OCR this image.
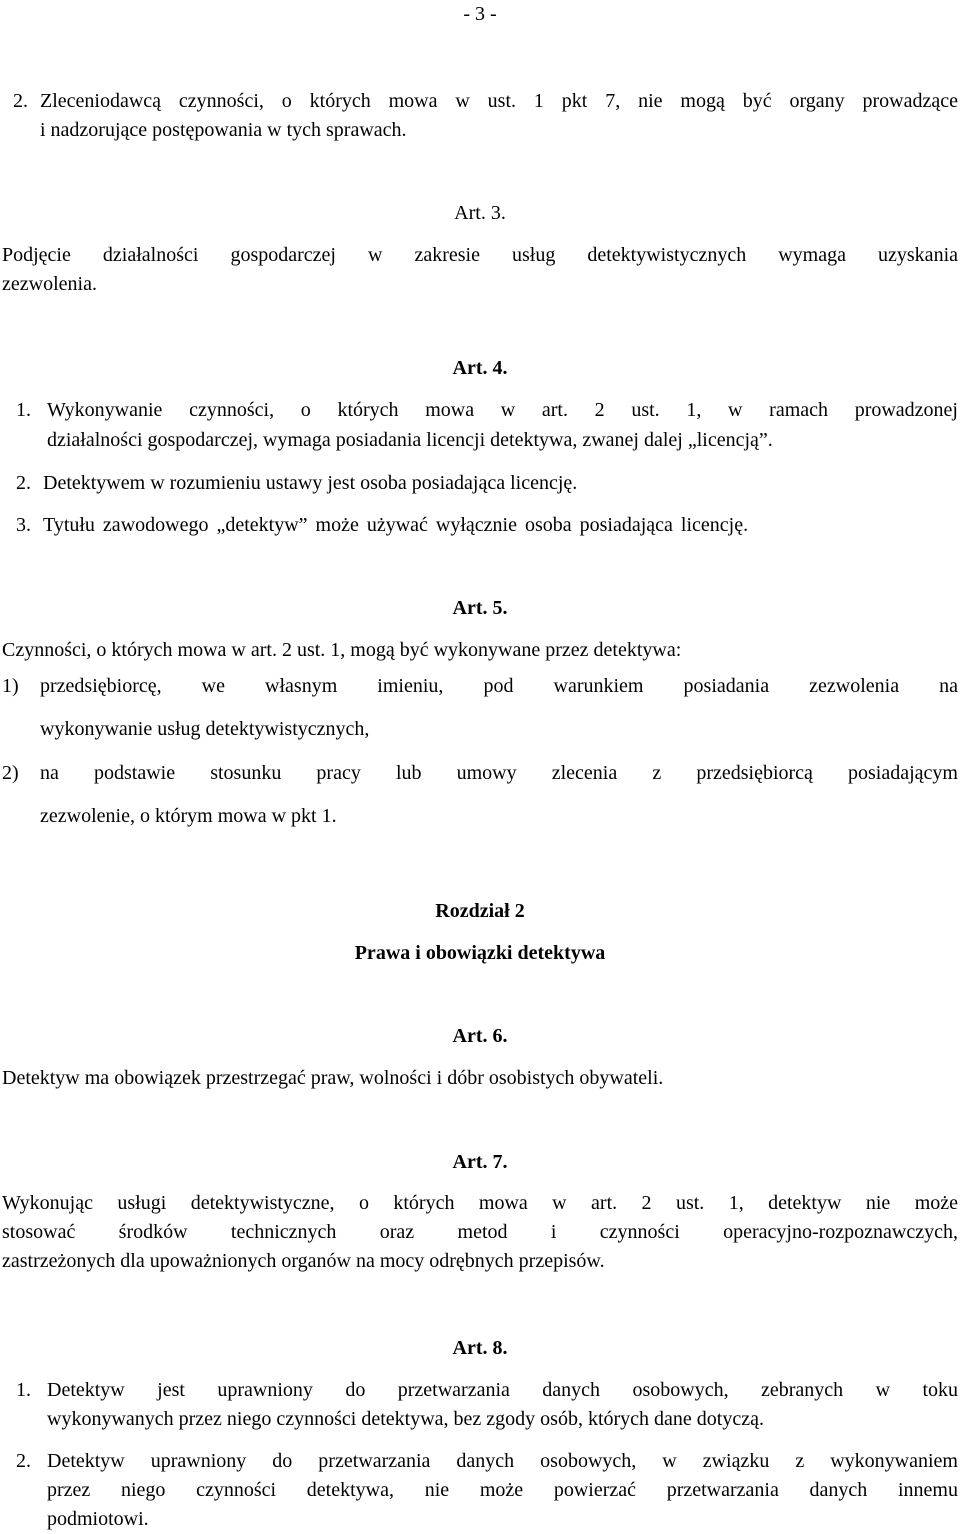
- 3 -
2. Zleceniodawcą czynności, o których mowa w ust. 1 pkt 7, nie mogą być organy prowadzące
i nadzorujące postępowania w tych sprawach.
Art. 3.
Podjęcie działalności gospodarczej w zakresie usług detektywistycznych wymaga uzyskania
zezwolenia.
Art. 4.
1. Wykonywanie czynności, o których mowa w art. 2 ust. 1, w ramach prowadzonej
działalności gospodarczej, wymaga posiadania licencji detektywa, zwanej dalej „licencją”.
2. Detektywem w rozumieniu ustawy jest osoba posiadająca licencję.
3. Tytułu zawodowego „detektyw” może używać wyłącznie osoba posiadająca licencję.
Art. 5.
Czynności, o których mowa w art. 2 ust. 1, mogą być wykonywane przez detektywa:
1) przedsiębiorcę, we własnym imieniu, pod warunkiem posiadania zezwolenia na
wykonywanie usług detektywistycznych,
2) na podstawie stosunku pracy lub umowy zlecenia z przedsiębiorcą posiadającym
zezwolenie, o którym mowa w pkt 1.
Rozdział 2
Prawa i obowiązki detektywa
Art. 6.
Detektyw ma obowiązek przestrzegać praw, wolności i dóbr osobistych obywateli.
Art. 7.
Wykonując usługi detektywistyczne, o których mowa w art. 2 ust. 1, detektyw nie może
stosować środków technicznych oraz metod i czynności operacyjno-rozpoznawczych,
zastrzeżonych dla upoważnionych organów na mocy odrębnych przepisów.
Art. 8.
1. Detektyw jest uprawniony do przetwarzania danych osobowych, zebranych w toku
wykonywanych przez niego czynności detektywa, bez zgody osób, których dane dotyczą.
2. Detektyw uprawniony do przetwarzania danych osobowych, w związku z wykonywaniem
przez niego czynności detektywa, nie może powierzać przetwarzania danych innemu
podmiotowi.
